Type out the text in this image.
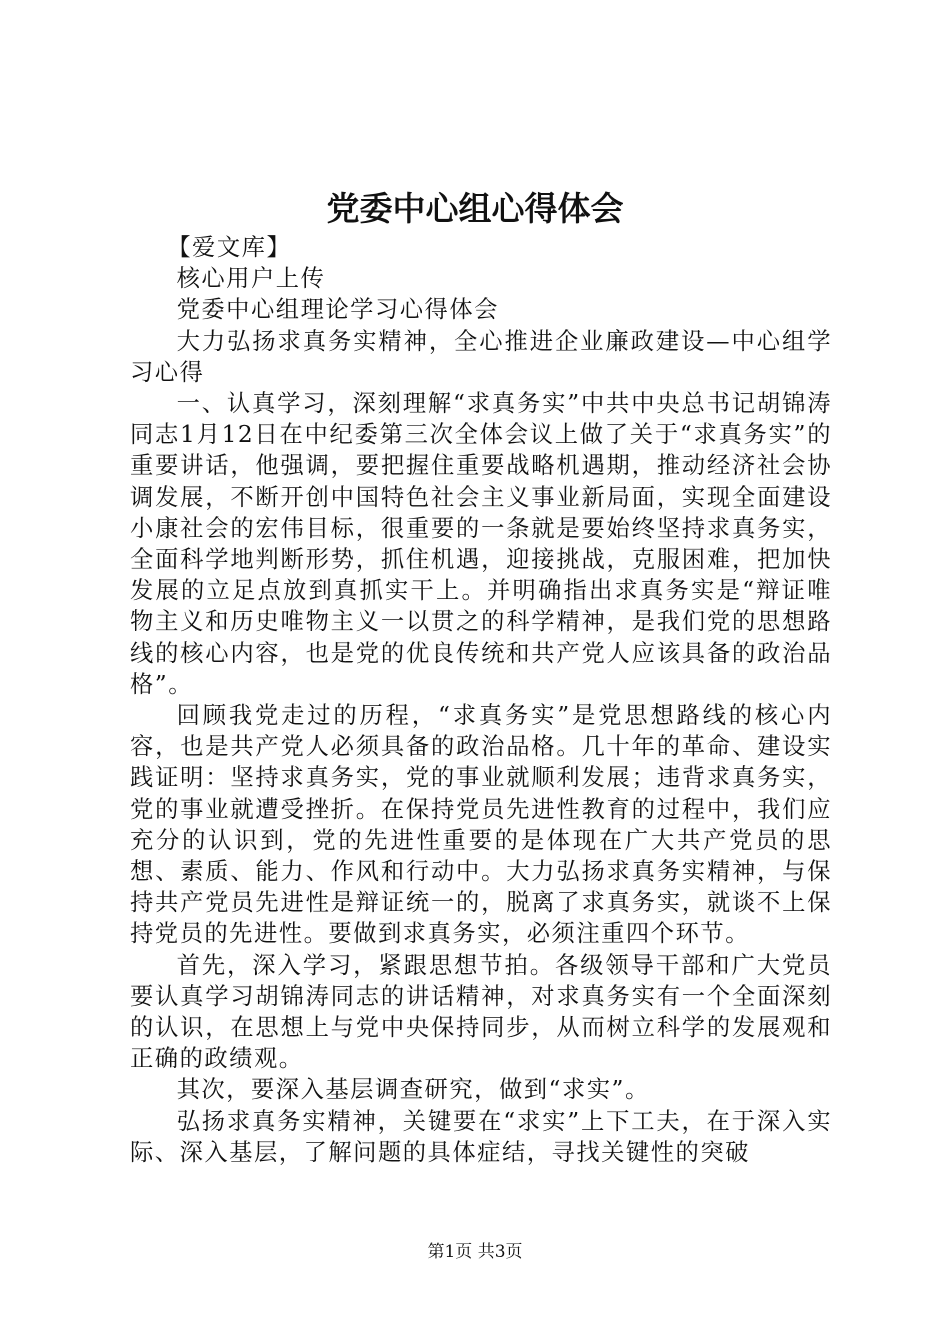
党委中心组心得体会

【爱文库】

核心用户上传

党委中心组理论学习心得体会

大力弘扬求真务实精神，全心推进企业廉政建设—中心组学习心得

一、认真学习，深刻理解“求真务实”中共中央总书记胡锦涛同志1月12日在中纪委第三次全体会议上做了关于“求真务实”的重要讲话，他强调，要把握住重要战略机遇期，推动经济社会协调发展，不断开创中国特色社会主义事业新局面，实现全面建设小康社会的宏伟目标，很重要的一条就是要始终坚持求真务实，全面科学地判断形势，抓住机遇，迎接挑战，克服困难，把加快发展的立足点放到真抓实干上。并明确指出求真务实是“辩证唯物主义和历史唯物主义一以贯之的科学精神，是我们党的思想路线的核心内容，也是党的优良传统和共产党人应该具备的政治品格”。

回顾我党走过的历程，“求真务实”是党思想路线的核心内容，也是共产党人必须具备的政治品格。几十年的革命、建设实践证明：坚持求真务实，党的事业就顺利发展；违背求真务实，党的事业就遭受挫折。在保持党员先进性教育的过程中，我们应充分的认识到，党的先进性重要的是体现在广大共产党员的思想、素质、能力、作风和行动中。大力弘扬求真务实精神，与保持共产党员先进性是辩证统一的，脱离了求真务实，就谈不上保持党员的先进性。要做到求真务实，必须注重四个环节。

首先，深入学习，紧跟思想节拍。各级领导干部和广大党员要认真学习胡锦涛同志的讲话精神，对求真务实有一个全面深刻的认识，在思想上与党中央保持同步，从而树立科学的发展观和正确的政绩观。

其次，要深入基层调查研究，做到“求实”。

弘扬求真务实精神，关键要在“求实”上下工夫，在于深入实际、深入基层，了解问题的具体症结，寻找关键性的突破

第1页 共3页
